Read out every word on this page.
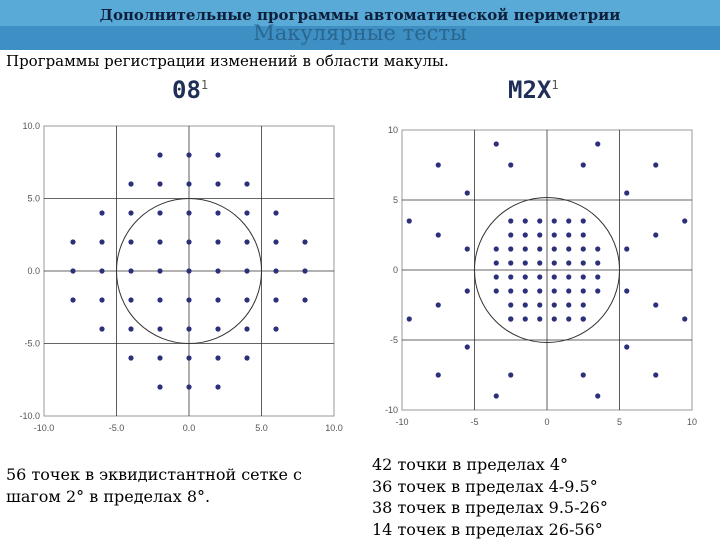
Макулярные тесты
Дополнительные программы автоматической периметрии
Программы регистрации изменений в области макулы.
$08^1$	$M2X^1$
-10.0	-5.0	0.0	5.0	10.0
10.0
5.0
0.0
-5.0
-10.0
-10	-5	0	5	10
10
5
0
-5
-10
56 точек в эквидистантной сетке с
шагом 2° в пределах 8°.
42 точки в пределах 4°
36 точек в пределах 4-9.5°
38 точек в пределах 9.5-26°
14 точек в пределах 26-56°
